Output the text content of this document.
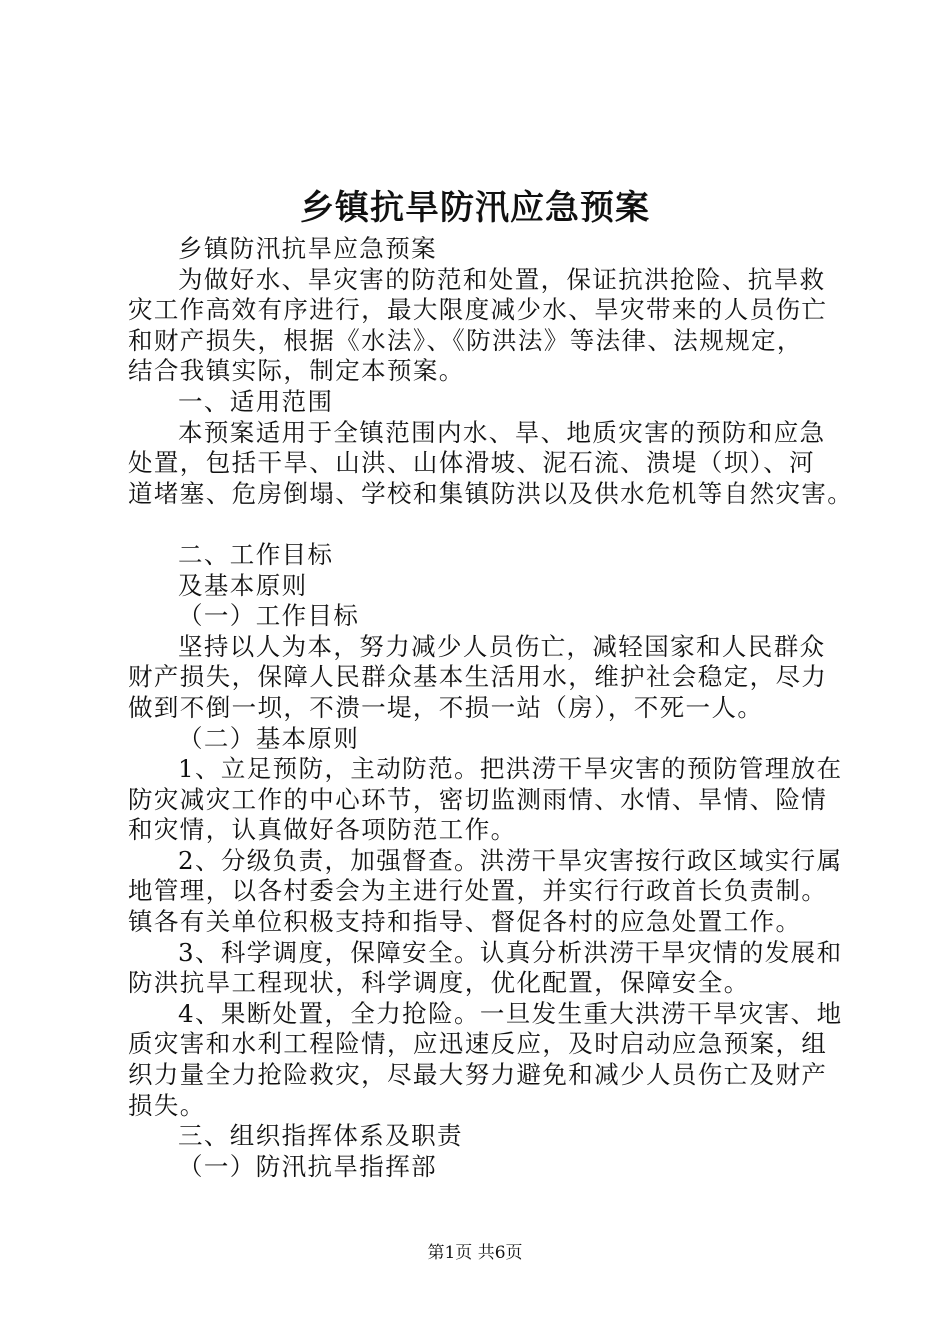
乡镇抗旱防汛应急预案
乡镇防汛抗旱应急预案
为做好水、旱灾害的防范和处置，保证抗洪抢险、抗旱救
灾工作高效有序进行，最大限度减少水、旱灾带来的人员伤亡
和财产损失，根据《水法》、《防洪法》等法律、法规规定，
结合我镇实际，制定本预案。
一、适用范围
本预案适用于全镇范围内水、旱、地质灾害的预防和应急
处置，包括干旱、山洪、山体滑坡、泥石流、溃堤（坝）、河
道堵塞、危房倒塌、学校和集镇防洪以及供水危机等自然灾害。
二、工作目标
及基本原则
（一）工作目标
坚持以人为本，努力减少人员伤亡，减轻国家和人民群众
财产损失，保障人民群众基本生活用水，维护社会稳定，尽力
做到不倒一坝，不溃一堤，不损一站（房），不死一人。
（二）基本原则
1、立足预防，主动防范。把洪涝干旱灾害的预防管理放在
防灾减灾工作的中心环节，密切监测雨情、水情、旱情、险情
和灾情，认真做好各项防范工作。
2、分级负责，加强督查。洪涝干旱灾害按行政区域实行属
地管理，以各村委会为主进行处置，并实行行政首长负责制。
镇各有关单位积极支持和指导、督促各村的应急处置工作。
3、科学调度，保障安全。认真分析洪涝干旱灾情的发展和
防洪抗旱工程现状，科学调度，优化配置，保障安全。
4、果断处置，全力抢险。一旦发生重大洪涝干旱灾害、地
质灾害和水利工程险情，应迅速反应，及时启动应急预案，组
织力量全力抢险救灾，尽最大努力避免和减少人员伤亡及财产
损失。
三、组织指挥体系及职责
（一）防汛抗旱指挥部
第1页 共6页
